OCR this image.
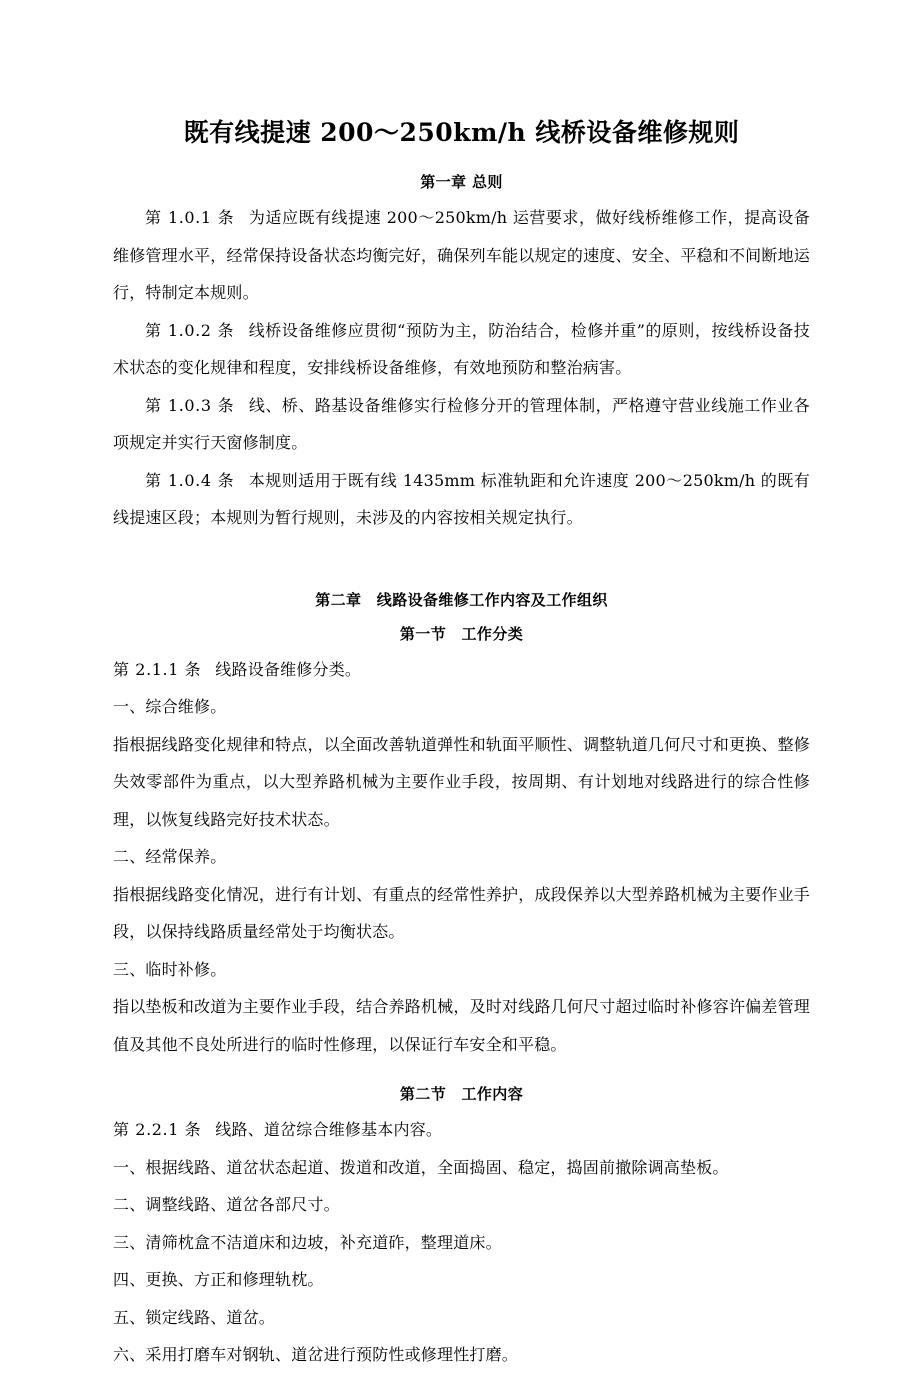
既有线提速 200～250km/h 线桥设备维修规则
第一章 总则

第 1.0.1 条 为适应既有线提速 200～250km/h 运营要求，做好线桥维修工作，提高设备维修管理水平，经常保持设备状态均衡完好，确保列车能以规定的速度、安全、平稳和不间断地运行，特制定本规则。

第 1.0.2 条 线桥设备维修应贯彻“预防为主，防治结合，检修并重”的原则，按线桥设备技术状态的变化规律和程度，安排线桥设备维修，有效地预防和整治病害。

第 1.0.3 条 线、桥、路基设备维修实行检修分开的管理体制，严格遵守营业线施工作业各项规定并实行天窗修制度。

第 1.0.4 条 本规则适用于既有线 1435mm 标准轨距和允许速度 200～250km/h 的既有线提速区段；本规则为暂行规则，未涉及的内容按相关规定执行。

第二章　线路设备维修工作内容及工作组织
第一节　工作分类

第 2.1.1 条 线路设备维修分类。

一、综合维修。

指根据线路变化规律和特点，以全面改善轨道弹性和轨面平顺性、调整轨道几何尺寸和更换、整修失效零部件为重点，以大型养路机械为主要作业手段，按周期、有计划地对线路进行的综合性修理，以恢复线路完好技术状态。

二、经常保养。

指根据线路变化情况，进行有计划、有重点的经常性养护，成段保养以大型养路机械为主要作业手段，以保持线路质量经常处于均衡状态。

三、临时补修。

指以垫板和改道为主要作业手段，结合养路机械，及时对线路几何尺寸超过临时补修容许偏差管理值及其他不良处所进行的临时性修理，以保证行车安全和平稳。

第二节　工作内容

第 2.2.1 条 线路、道岔综合维修基本内容。

一、根据线路、道岔状态起道、拨道和改道，全面捣固、稳定，捣固前撤除调高垫板。

二、调整线路、道岔各部尺寸。

三、清筛枕盒不洁道床和边坡，补充道砟，整理道床。

四、更换、方正和修理轨枕。

五、锁定线路、道岔。

六、采用打磨车对钢轨、道岔进行预防性或修理性打磨。
